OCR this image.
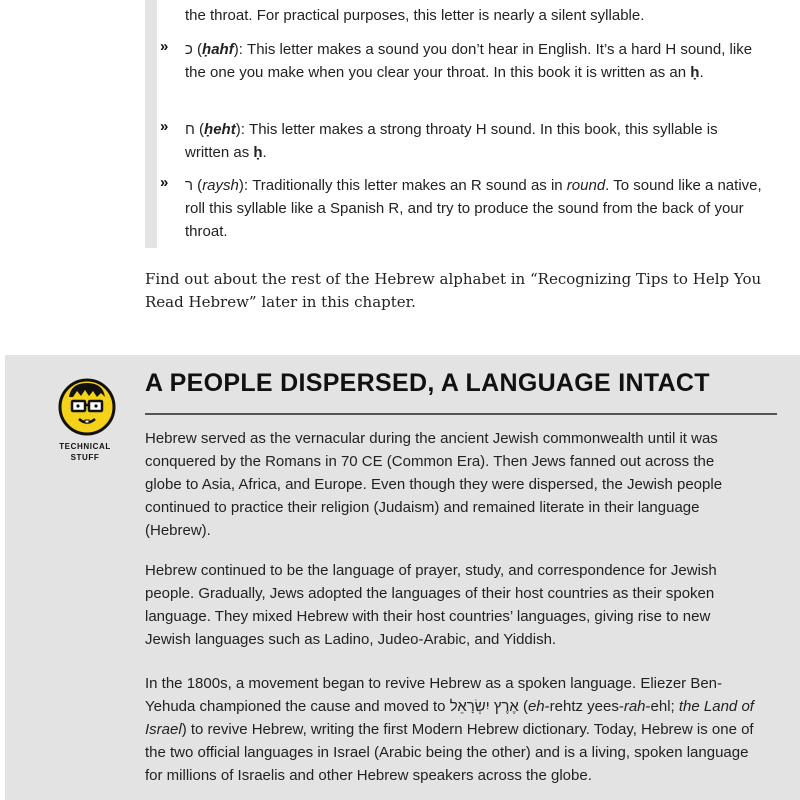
the throat. For practical purposes, this letter is nearly a silent syllable.
» כ (ḥahf): This letter makes a sound you don’t hear in English. It’s a hard H sound, like the one you make when you clear your throat. In this book it is written as an ḥ.
» ח (ḥeht): This letter makes a strong throaty H sound. In this book, this syllable is written as ḥ.
» ר (raysh): Traditionally this letter makes an R sound as in round. To sound like a native, roll this syllable like a Spanish R, and try to produce the sound from the back of your throat.
Find out about the rest of the Hebrew alphabet in “Recognizing Tips to Help You Read Hebrew” later in this chapter.
TECHNICAL
STUFF
A PEOPLE DISPERSED, A LANGUAGE INTACT
Hebrew served as the vernacular during the ancient Jewish commonwealth until it was conquered by the Romans in 70 CE (Common Era). Then Jews fanned out across the globe to Asia, Africa, and Europe. Even though they were dispersed, the Jewish people continued to practice their religion (Judaism) and remained literate in their language (Hebrew).
Hebrew continued to be the language of prayer, study, and correspondence for Jewish people. Gradually, Jews adopted the languages of their host countries as their spoken language. They mixed Hebrew with their host countries’ languages, giving rise to new Jewish languages such as Ladino, Judeo-Arabic, and Yiddish.
In the 1800s, a movement began to revive Hebrew as a spoken language. Eliezer Ben-Yehuda championed the cause and moved to אֶרֶץ יִשְׂרָאֵל (eh-rehtz yees-rah-ehl; the Land of Israel) to revive Hebrew, writing the first Modern Hebrew dictionary. Today, Hebrew is one of the two official languages in Israel (Arabic being the other) and is a living, spoken language for millions of Israelis and other Hebrew speakers across the globe.
